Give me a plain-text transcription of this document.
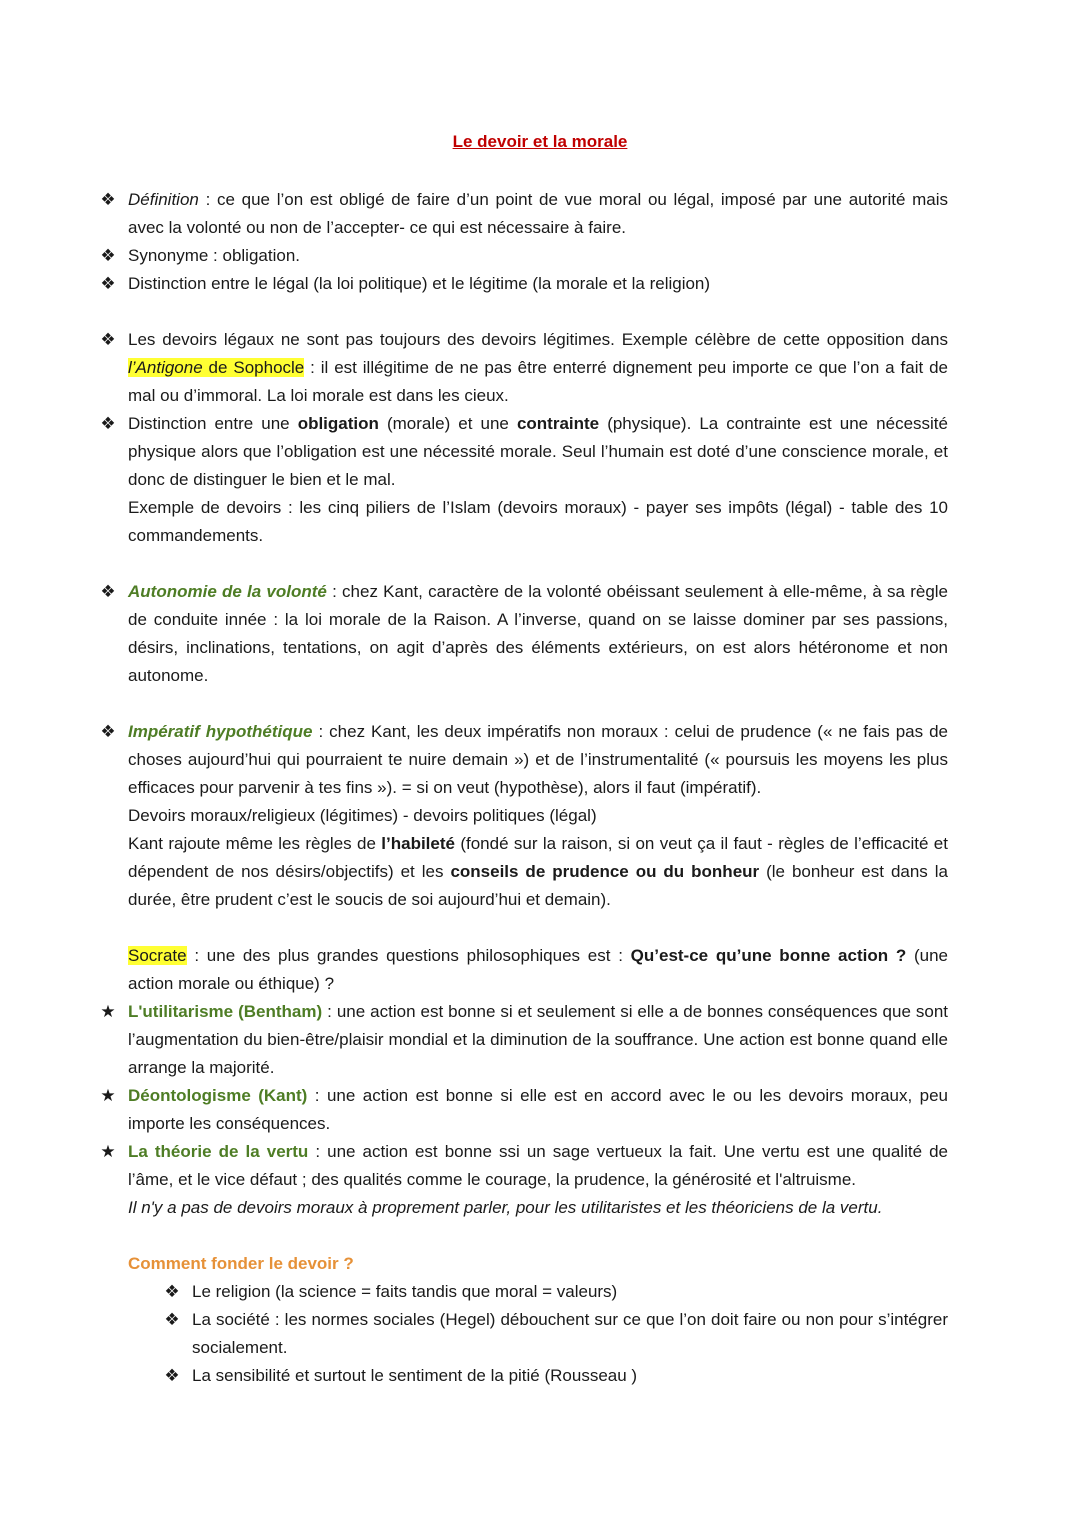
Le devoir et la morale
❖ Définition : ce que l’on est obligé de faire d’un point de vue moral ou légal, imposé par une autorité mais avec la volonté ou non de l’accepter- ce qui est nécessaire à faire.
❖ Synonyme : obligation.
❖ Distinction entre le légal (la loi politique) et le légitime (la morale et la religion)
❖ Les devoirs légaux ne sont pas toujours des devoirs légitimes. Exemple célèbre de cette opposition dans l’Antigone de Sophocle : il est illégitime de ne pas être enterré dignement peu importe ce que l’on a fait de mal ou d’immoral. La loi morale est dans les cieux.
❖ Distinction entre une obligation (morale) et une contrainte (physique). La contrainte est une nécessité physique alors que l’obligation est une nécessité morale. Seul l’humain est doté d’une conscience morale, et donc de distinguer le bien et le mal.
Exemple de devoirs : les cinq piliers de l’Islam (devoirs moraux) - payer ses impôts (légal) - table des 10 commandements.
❖ Autonomie de la volonté : chez Kant, caractère de la volonté obéissant seulement à elle-même, à sa règle de conduite innée : la loi morale de la Raison. A l’inverse, quand on se laisse dominer par ses passions, désirs, inclinations, tentations, on agit d’après des éléments extérieurs, on est alors hétéronome et non autonome.
❖ Impératif hypothétique : chez Kant, les deux impératifs non moraux : celui de prudence (« ne fais pas de choses aujourd’hui qui pourraient te nuire demain ») et de l’instrumentalité (« poursuis les moyens les plus efficaces pour parvenir à tes fins »). = si on veut (hypothèse), alors il faut (impératif).
Devoirs moraux/religieux (légitimes) - devoirs politiques (légal)
Kant rajoute même les règles de l’habileté (fondé sur la raison, si on veut ça il faut - règles de l’efficacité et dépendent de nos désirs/objectifs) et les conseils de prudence ou du bonheur (le bonheur est dans la durée, être prudent c’est le soucis de soi aujourd’hui et demain).
Socrate : une des plus grandes questions philosophiques est : Qu’est-ce qu’une bonne action ? (une action morale ou éthique) ?
★ L'utilitarisme (Bentham) : une action est bonne si et seulement si elle a de bonnes conséquences que sont l’augmentation du bien-être/plaisir mondial et la diminution de la souffrance. Une action est bonne quand elle arrange la majorité.
★ Déontologisme (Kant) : une action est bonne si elle est en accord avec le ou les devoirs moraux, peu importe les conséquences.
★ La théorie de la vertu : une action est bonne ssi un sage vertueux la fait. Une vertu est une qualité de l’âme, et le vice défaut ; des qualités comme le courage, la prudence, la générosité et l'altruisme.
Il n'y a pas de devoirs moraux à proprement parler, pour les utilitaristes et les théoriciens de la vertu.
Comment fonder le devoir ?
❖ Le religion (la science = faits tandis que moral = valeurs)
❖ La société : les normes sociales (Hegel) débouchent sur ce que l’on doit faire ou non pour s’intégrer socialement.
❖ La sensibilité et surtout le sentiment de la pitié (Rousseau )
